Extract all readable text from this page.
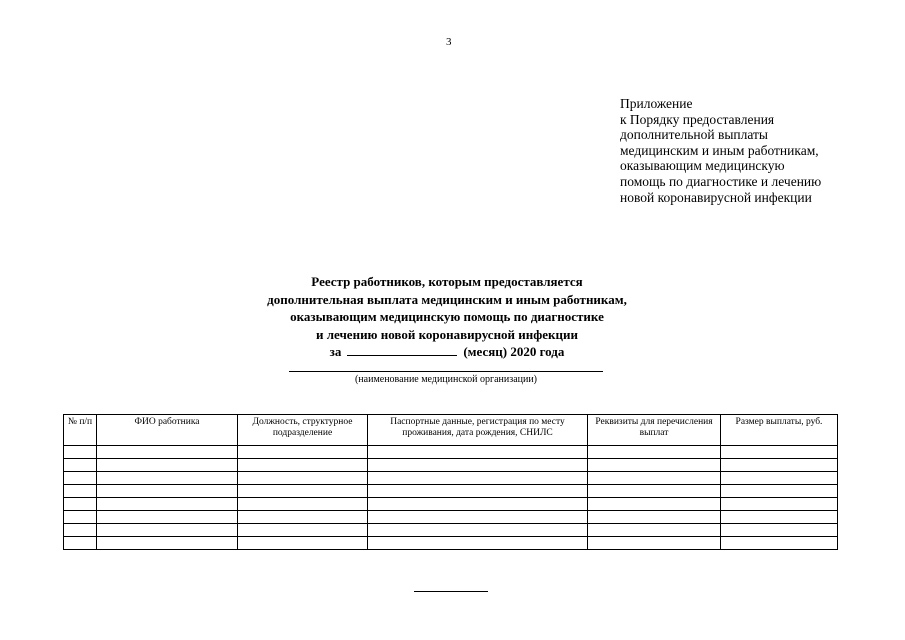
3
Приложение
к Порядку предоставления
дополнительной выплаты
медицинским и иным работникам,
оказывающим медицинскую
помощь по диагностике и лечению
новой коронавирусной инфекции
Реестр работников, которым предоставляется
дополнительная выплата медицинским и иным работникам,
оказывающим медицинскую помощь по диагностике
и лечению новой коронавирусной инфекции
за	(месяц) 2020 года
(наименование медицинской организации)
№ п/п	ФИО работника	Должность, структурное подразделение	Паспортные данные, регистрация по месту проживания, дата рождения, СНИЛС	Реквизиты для перечисления выплат	Размер выплаты, руб.
